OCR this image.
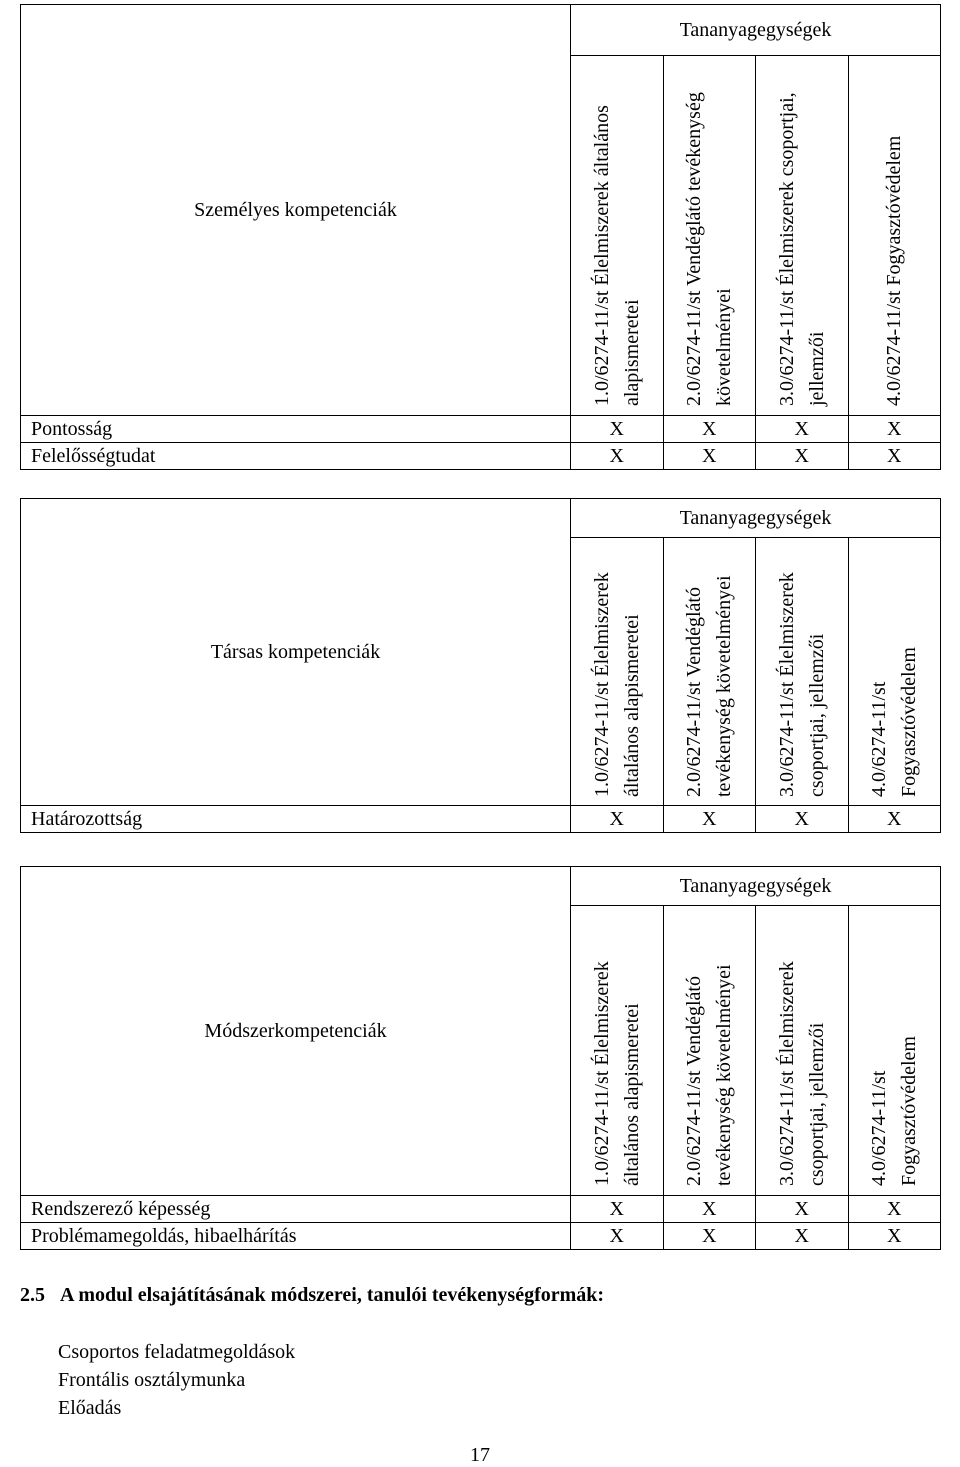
Személyes kompetenciák	Tananyagegységek			

	1.0/6274-11/st Élelmiszerek általános alapismeretei	2.0/6274-11/st Vendéglátó tevékenység követelményei	3.0/6274-11/st Élelmiszerek csoportjai, jellemzői	4.0/6274-11/st Fogyasztóvédelem

Pontosság	X	X	X	X
Felelősségtudat	X	X	X	X
Társas kompetenciák	Tananyagegységek			

	1.0/6274-11/st Élelmiszerek általános alapismeretei	2.0/6274-11/st Vendéglátó tevékenység követelményei	3.0/6274-11/st Élelmiszerek csoportjai, jellemzői	4.0/6274-11/st Fogyasztóvédelem

Határozottság	X	X	X	X
Módszerkompetenciák	Tananyagegységek			

	1.0/6274-11/st Élelmiszerek általános alapismeretei	2.0/6274-11/st Vendéglátó tevékenység követelményei	3.0/6274-11/st Élelmiszerek csoportjai, jellemzői	4.0/6274-11/st Fogyasztóvédelem

Rendszerező képesség	X	X	X	X
Problémamegoldás, hibaelhárítás	X	X	X	X
2.5 A modul elsajátításának módszerei, tanulói tevékenységformák:
Csoportos feladatmegoldások
Frontális osztálymunka
Előadás
17
